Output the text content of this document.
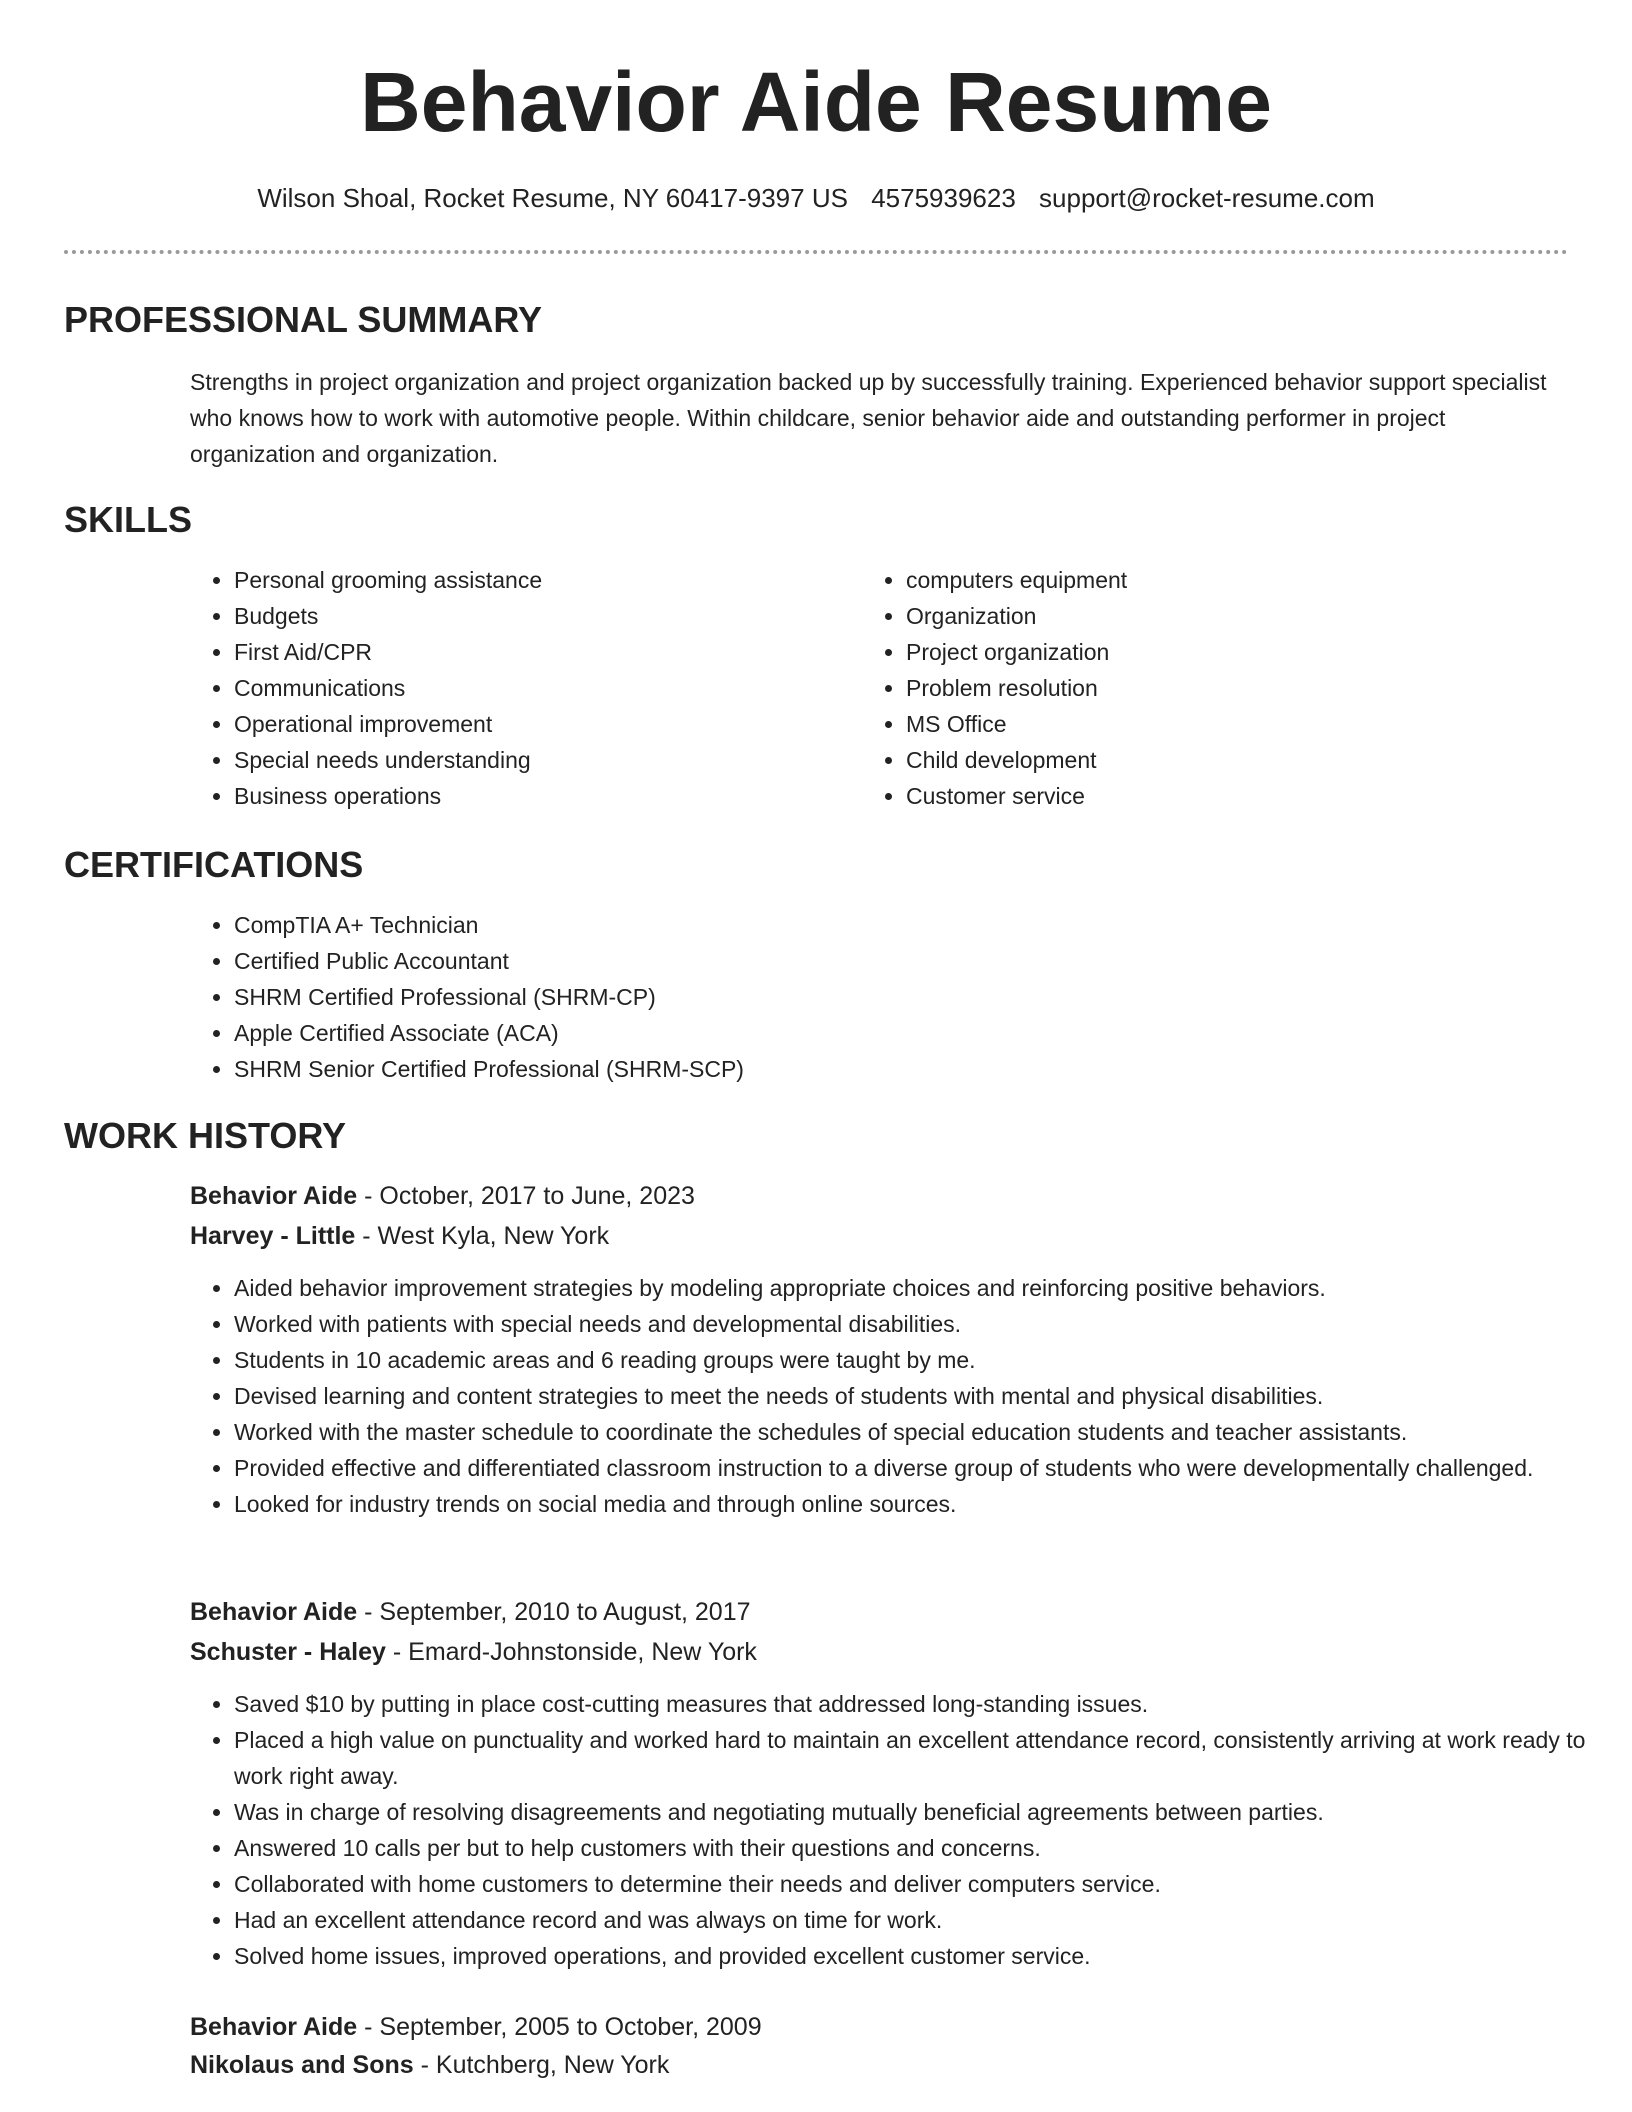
Behavior Aide Resume
Wilson Shoal, Rocket Resume, NY 60417-9397 US 4575939623 support@rocket-resume.com
PROFESSIONAL SUMMARY

Strengths in project organization and project organization backed up by successfully training. Experienced behavior support specialist who knows how to work with automotive people. Within childcare, senior behavior aide and outstanding performer in project organization and organization.

SKILLS
• Personal grooming assistance
• Budgets
• First Aid/CPR
• Communications
• Operational improvement
• Special needs understanding
• Business operations
• computers equipment
• Organization
• Project organization
• Problem resolution
• MS Office
• Child development
• Customer service
CERTIFICATIONS
• CompTIA A+ Technician
• Certified Public Accountant
• SHRM Certified Professional (SHRM-CP)
• Apple Certified Associate (ACA)
• SHRM Senior Certified Professional (SHRM-SCP)
WORK HISTORY
Behavior Aide - October, 2017 to June, 2023
Harvey - Little - West Kyla, New York
• Aided behavior improvement strategies by modeling appropriate choices and reinforcing positive behaviors.
• Worked with patients with special needs and developmental disabilities.
• Students in 10 academic areas and 6 reading groups were taught by me.
• Devised learning and content strategies to meet the needs of students with mental and physical disabilities.
• Worked with the master schedule to coordinate the schedules of special education students and teacher assistants.
• Provided effective and differentiated classroom instruction to a diverse group of students who were developmentally challenged.
• Looked for industry trends on social media and through online sources.
Behavior Aide - September, 2010 to August, 2017
Schuster - Haley - Emard-Johnstonside, New York
• Saved $10 by putting in place cost-cutting measures that addressed long-standing issues.
• Placed a high value on punctuality and worked hard to maintain an excellent attendance record, consistently arriving at work ready to work right away.
• Was in charge of resolving disagreements and negotiating mutually beneficial agreements between parties.
• Answered 10 calls per but to help customers with their questions and concerns.
• Collaborated with home customers to determine their needs and deliver computers service.
• Had an excellent attendance record and was always on time for work.
• Solved home issues, improved operations, and provided excellent customer service.
Behavior Aide - September, 2005 to October, 2009
Nikolaus and Sons - Kutchberg, New York
